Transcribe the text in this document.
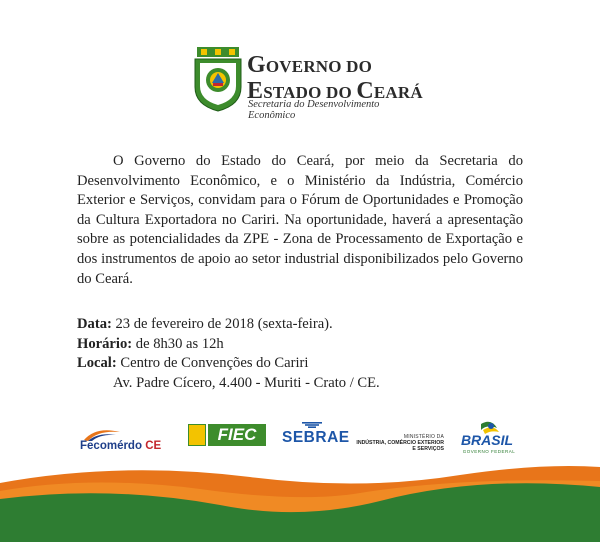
GOVERNO DO
ESTADO DO CEARÁ
Secretaria do Desenvolvimento
Econômico

O Governo do Estado do Ceará, por meio da Secretaria do Desenvolvimento Econômico, e o Ministério da Indústria, Comércio Exterior e Serviços, convidam para o Fórum de Oportunidades e Promoção da Cultura Exportadora no Cariri. Na oportunidade, haverá a apresentação sobre as potencialidades da ZPE - Zona de Processamento de Exportação e dos instrumentos de apoio ao setor industrial disponibilizados pelo Governo do Ceará.

Data: 23 de fevereiro de 2018 (sexta-feira).
Horário: de 8h30 as 12h
Local: Centro de Convenções do Cariri
Av. Padre Cícero, 4.400 - Muriti - Crato / CE.
Fecomérdo CE
FIEC	SEBRAE	MINISTÉRIO DA
INDÚSTRIA, COMÉRCIO EXTERIOR
E SERVIÇOS
BRASIL
GOVERNO FEDERAL
